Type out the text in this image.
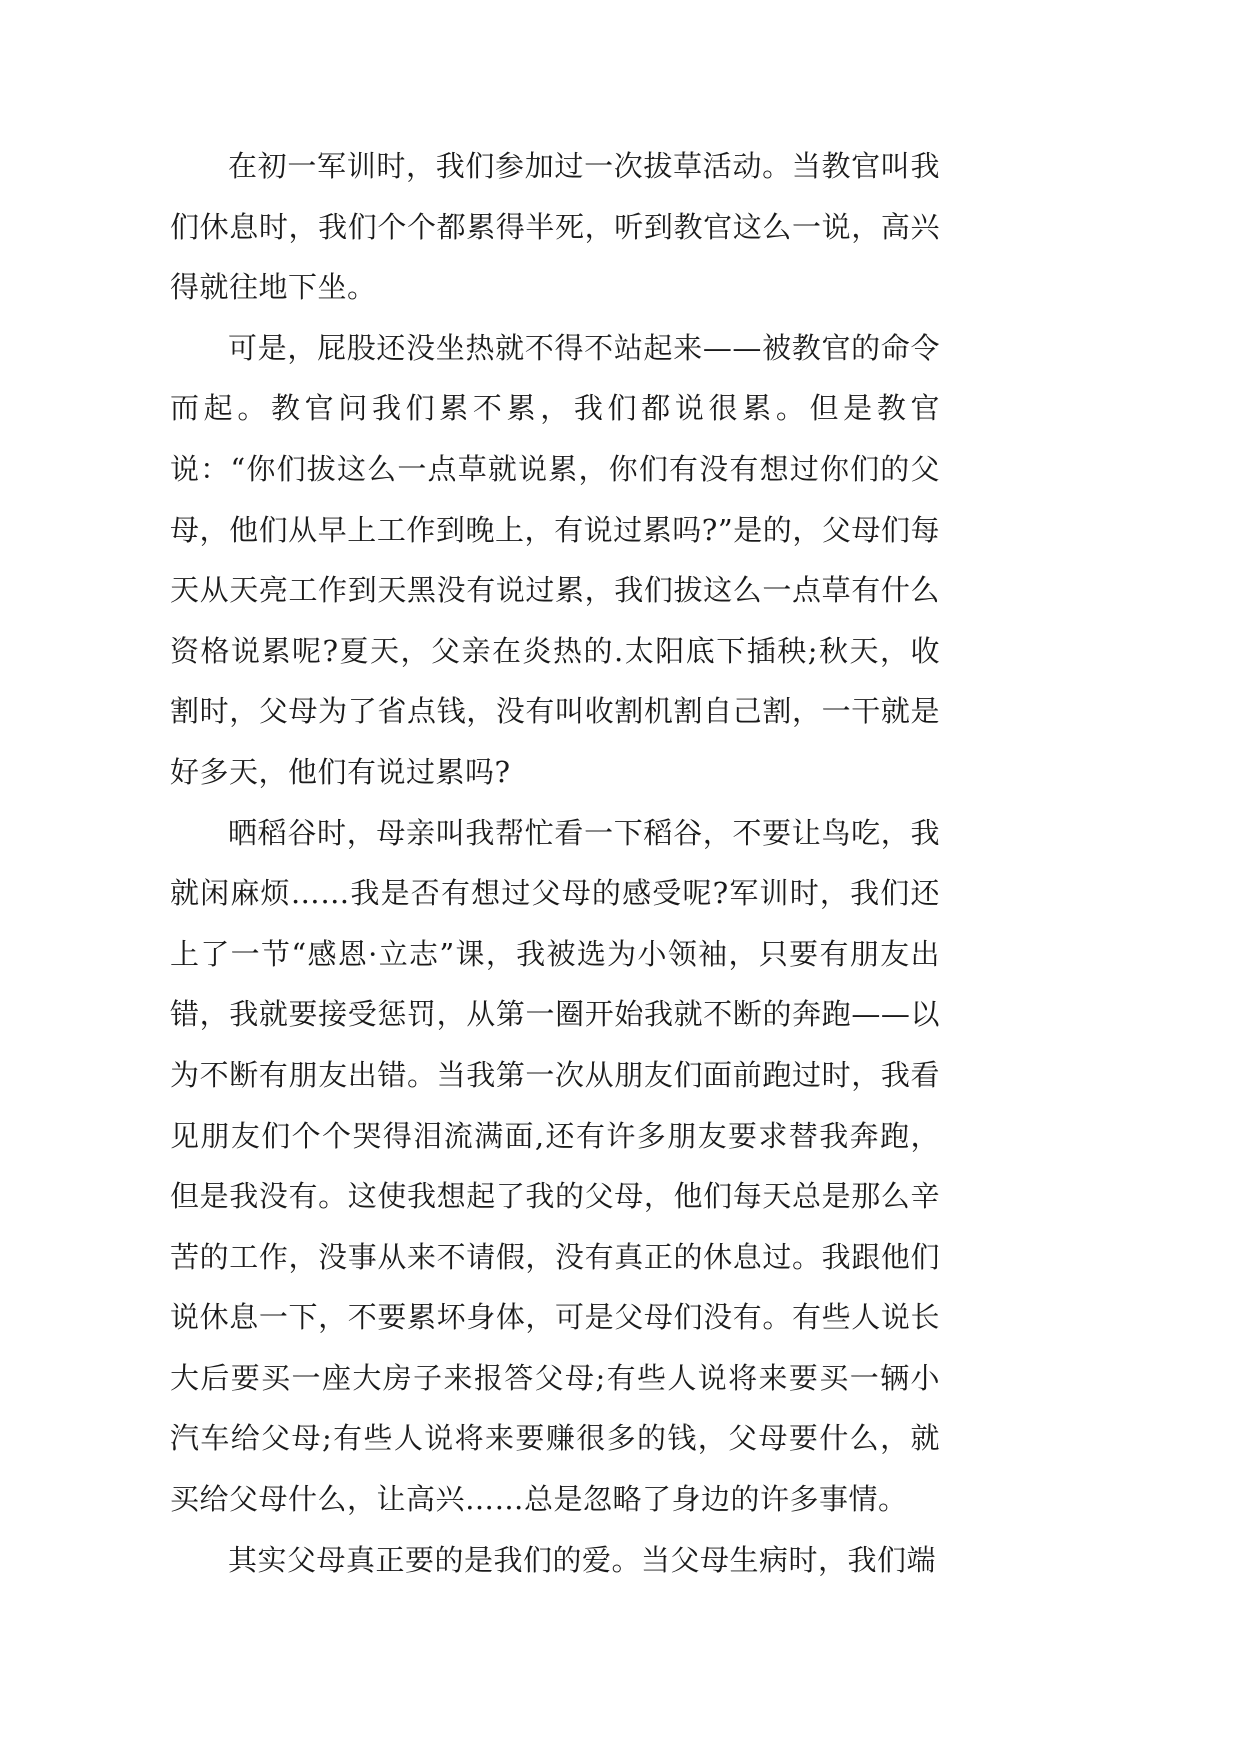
在初一军训时，我们参加过一次拔草活动。当教官叫我们休息时，我们个个都累得半死，听到教官这么一说，高兴得就往地下坐。

可是，屁股还没坐热就不得不站起来——被教官的命令而起。教官问我们累不累，我们都说很累。但是教官说：“你们拔这么一点草就说累，你们有没有想过你们的父母，他们从早上工作到晚上，有说过累吗?”是的，父母们每天从天亮工作到天黑没有说过累，我们拔这么一点草有什么资格说累呢?夏天，父亲在炎热的.太阳底下插秧;秋天，收割时，父母为了省点钱，没有叫收割机割自己割，一干就是好多天，他们有说过累吗?

晒稻谷时，母亲叫我帮忙看一下稻谷，不要让鸟吃，我就闲麻烦……我是否有想过父母的感受呢?军训时，我们还上了一节“感恩·立志”课，我被选为小领袖，只要有朋友出错，我就要接受惩罚，从第一圈开始我就不断的奔跑——以为不断有朋友出错。当我第一次从朋友们面前跑过时，我看见朋友们个个哭得泪流满面,还有许多朋友要求替我奔跑，但是我没有。这使我想起了我的父母，他们每天总是那么辛苦的工作，没事从来不请假，没有真正的休息过。我跟他们说休息一下，不要累坏身体，可是父母们没有。有些人说长大后要买一座大房子来报答父母;有些人说将来要买一辆小汽车给父母;有些人说将来要赚很多的钱，父母要什么，就买给父母什么，让高兴……总是忽略了身边的许多事情。

其实父母真正要的是我们的爱。当父母生病时，我们端
